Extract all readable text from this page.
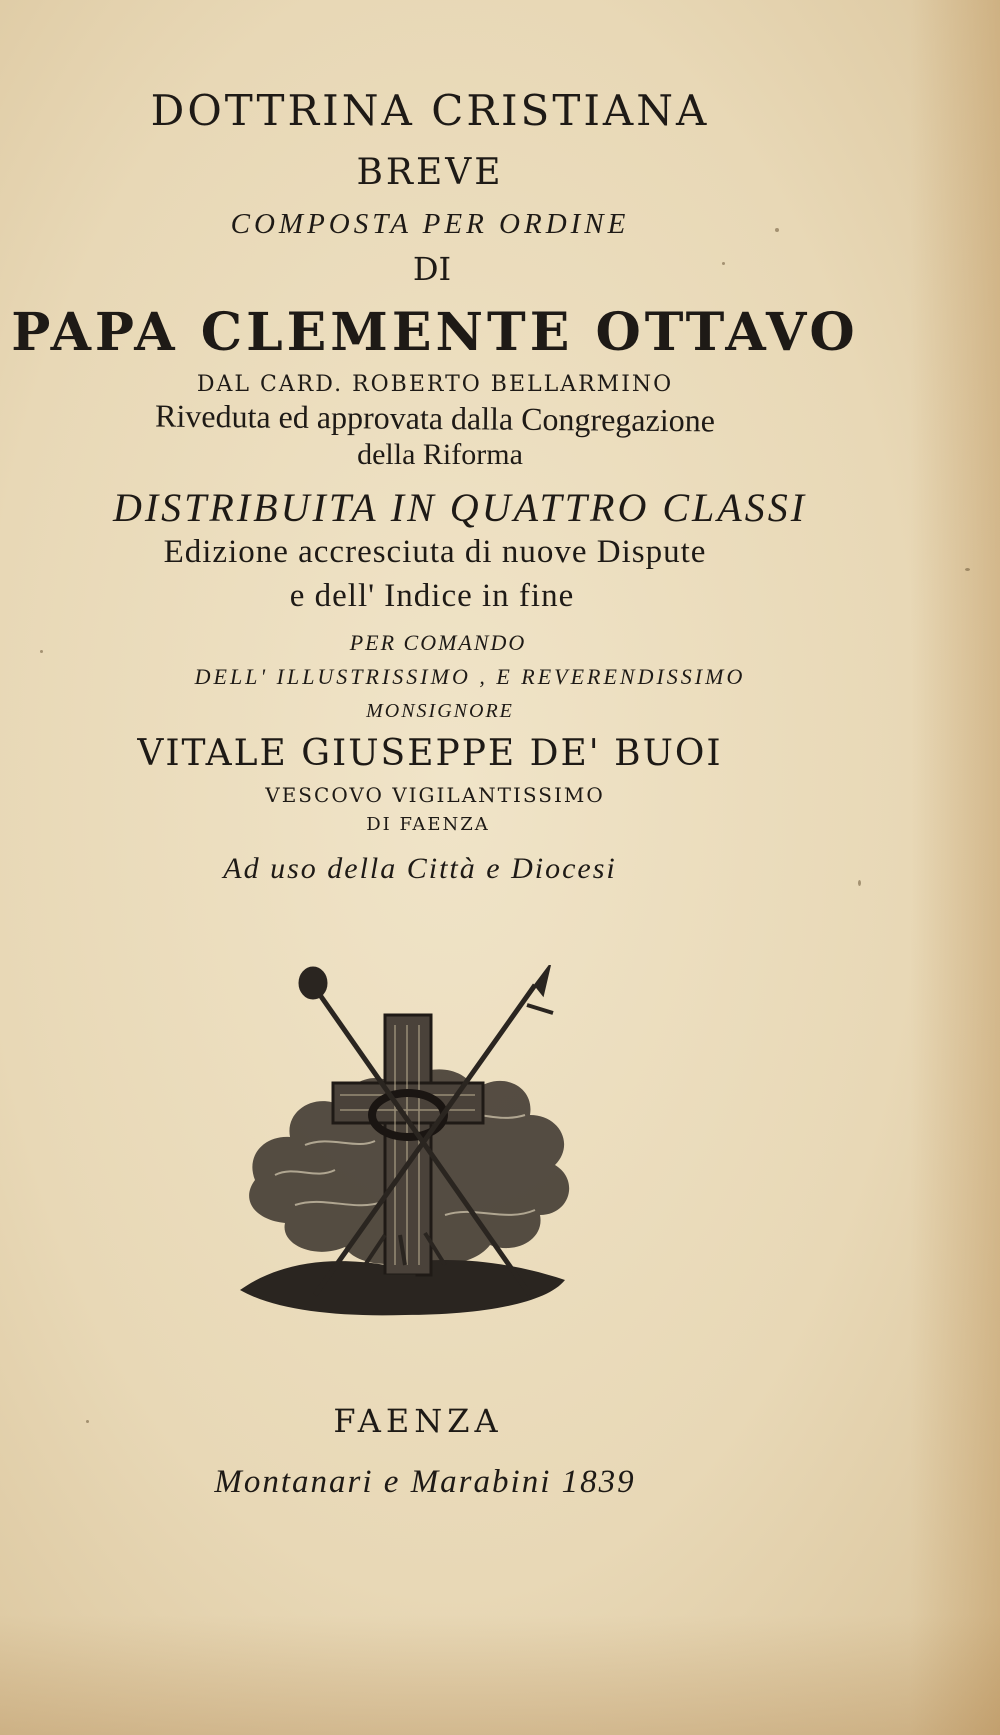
DOTTRINA CRISTIANA
BREVE
COMPOSTA PER ORDINE
DI
PAPA CLEMENTE OTTAVO
DAL CARD. ROBERTO BELLARMINO
Riveduta ed approvata dalla Congregazione
della Riforma
DISTRIBUITA IN QUATTRO CLASSI
Edizione accresciuta di nuove Dispute
e dell' Indice in fine
PER COMANDO
DELL' ILLUSTRISSIMO , E REVERENDISSIMO
MONSIGNORE
VITALE GIUSEPPE DE' BUOI
VESCOVO VIGILANTISSIMO
DI FAENZA
Ad uso della Città e Diocesi
FAENZA
Montanari e Marabini 1839
